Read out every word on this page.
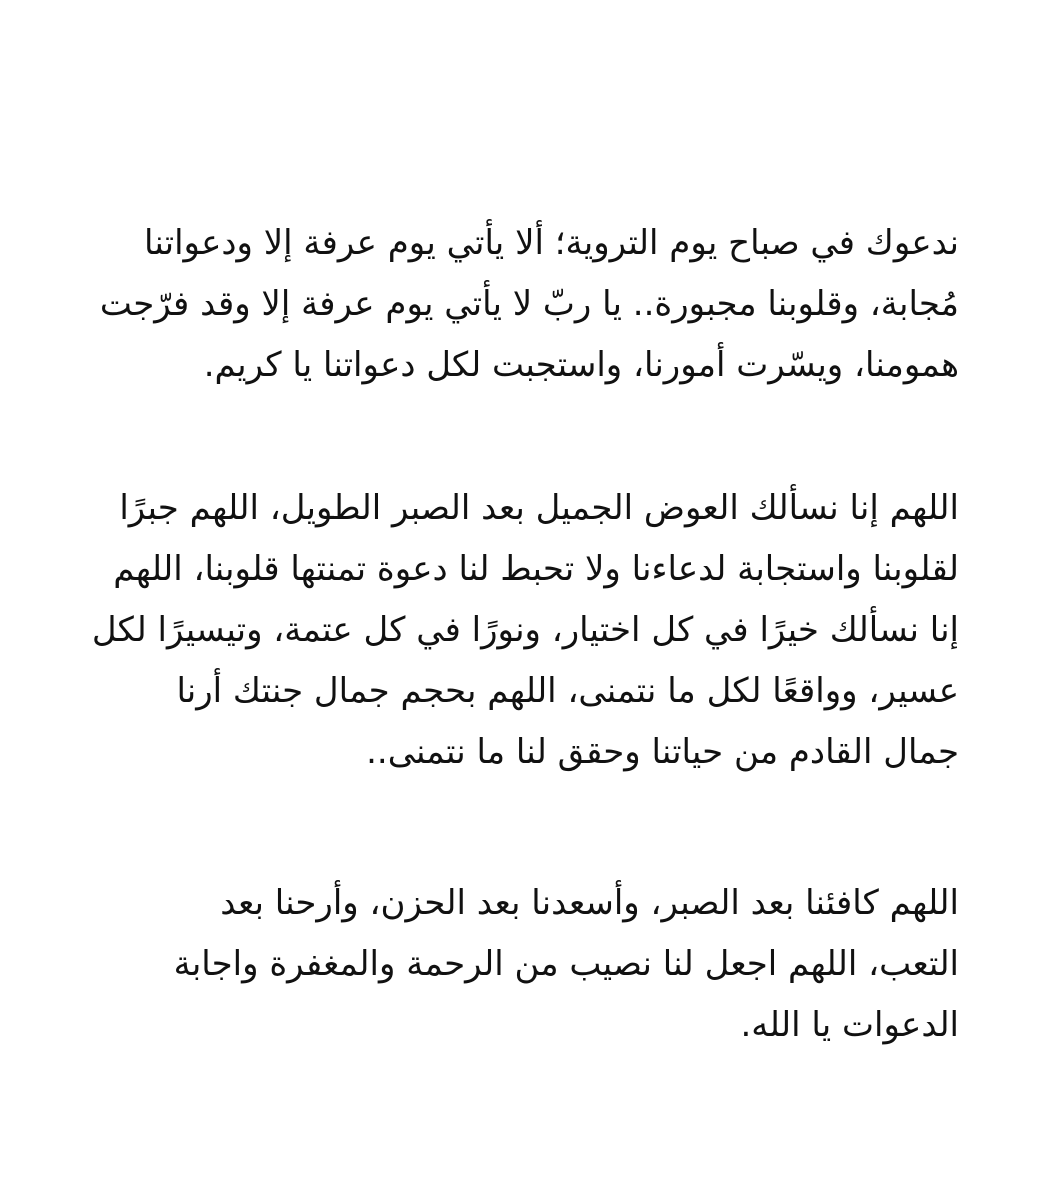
ندعوك في صباح يوم التروية؛ ألا يأتي يوم عرفة إلا ودعواتنا
مُجابة، وقلوبنا مجبورة.. يا ربّ لا يأتي يوم عرفة إلا وقد فرّجت
همومنا، ويسّرت أمورنا، واستجبت لكل دعواتنا يا كريم.
اللهم إنا نسألك العوض الجميل بعد الصبر الطويل، اللهم جبرًا
لقلوبنا واستجابة لدعاءنا ولا تحبط لنا دعوة تمنتها قلوبنا، اللهم
إنا نسألك خيرًا في كل اختيار، ونورًا في كل عتمة، وتيسيرًا لكل
عسير، وواقعًا لكل ما نتمنى، اللهم بحجم جمال جنتك أرنا
جمال القادم من حياتنا وحقق لنا ما نتمنى..
اللهم كافئنا بعد الصبر، وأسعدنا بعد الحزن، وأرحنا بعد
التعب، اللهم اجعل لنا نصيب من الرحمة والمغفرة واجابة
الدعوات يا الله.
